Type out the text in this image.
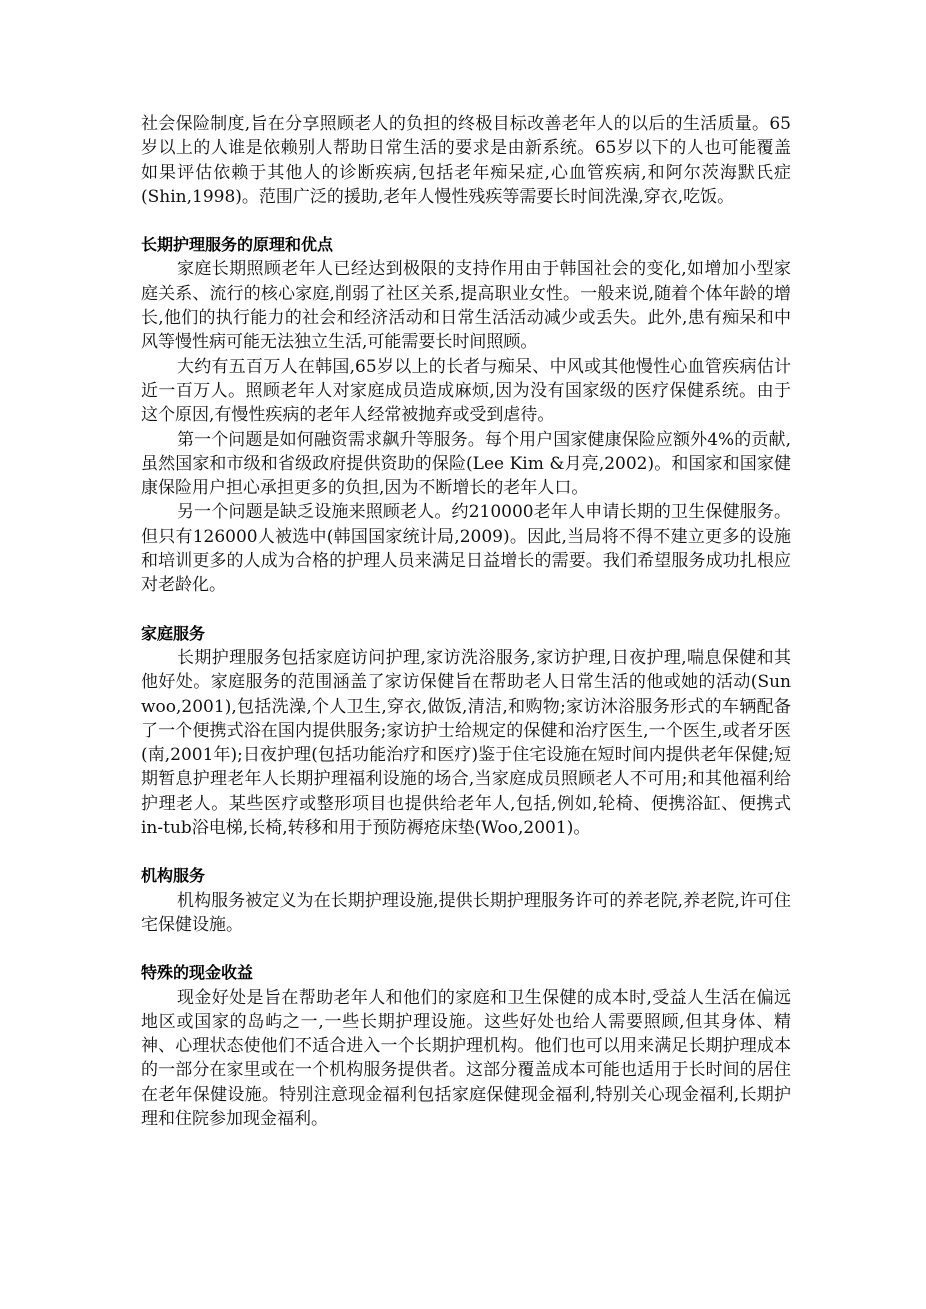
社会保险制度,旨在分享照顾老人的负担的终极目标改善老年人的以后的生活质量。65岁以上的人谁是依赖别人帮助日常生活的要求是由新系统。65岁以下的人也可能覆盖如果评估依赖于其他人的诊断疾病,包括老年痴呆症,心血管疾病,和阿尔茨海默氏症(Shin,1998)。范围广泛的援助,老年人慢性残疾等需要长时间洗澡,穿衣,吃饭。

长期护理服务的原理和优点

家庭长期照顾老年人已经达到极限的支持作用由于韩国社会的变化,如增加小型家庭关系、流行的核心家庭,削弱了社区关系,提高职业女性。一般来说,随着个体年龄的增长,他们的执行能力的社会和经济活动和日常生活活动减少或丢失。此外,患有痴呆和中风等慢性病可能无法独立生活,可能需要长时间照顾。

大约有五百万人在韩国,65岁以上的长者与痴呆、中风或其他慢性心血管疾病估计近一百万人。照顾老年人对家庭成员造成麻烦,因为没有国家级的医疗保健系统。由于这个原因,有慢性疾病的老年人经常被抛弃或受到虐待。

第一个问题是如何融资需求飙升等服务。每个用户国家健康保险应额外4%的贡献,虽然国家和市级和省级政府提供资助的保险(Lee Kim &月亮,2002)。和国家和国家健康保险用户担心承担更多的负担,因为不断增长的老年人口。

另一个问题是缺乏设施来照顾老人。约210000老年人申请长期的卫生保健服务。但只有126000人被选中(韩国国家统计局,2009)。因此,当局将不得不建立更多的设施和培训更多的人成为合格的护理人员来满足日益增长的需要。我们希望服务成功扎根应对老龄化。

家庭服务

长期护理服务包括家庭访问护理,家访洗浴服务,家访护理,日夜护理,喘息保健和其他好处。家庭服务的范围涵盖了家访保健旨在帮助老人日常生活的他或她的活动(Sun woo,2001),包括洗澡,个人卫生,穿衣,做饭,清洁,和购物;家访沐浴服务形式的车辆配备了一个便携式浴在国内提供服务;家访护士给规定的保健和治疗医生,一个医生,或者牙医(南,2001年);日夜护理(包括功能治疗和医疗)鉴于住宅设施在短时间内提供老年保健;短期暂息护理老年人长期护理福利设施的场合,当家庭成员照顾老人不可用;和其他福利给护理老人。某些医疗或整形项目也提供给老年人,包括,例如,轮椅、便携浴缸、便携式in-tub浴电梯,长椅,转移和用于预防褥疮床垫(Woo,2001)。

机构服务

机构服务被定义为在长期护理设施,提供长期护理服务许可的养老院,养老院,许可住宅保健设施。

特殊的现金收益

现金好处是旨在帮助老年人和他们的家庭和卫生保健的成本时,受益人生活在偏远地区或国家的岛屿之一,一些长期护理设施。这些好处也给人需要照顾,但其身体、精神、心理状态使他们不适合进入一个长期护理机构。他们也可以用来满足长期护理成本的一部分在家里或在一个机构服务提供者。这部分覆盖成本可能也适用于长时间的居住在老年保健设施。特别注意现金福利包括家庭保健现金福利,特别关心现金福利,长期护理和住院参加现金福利。
